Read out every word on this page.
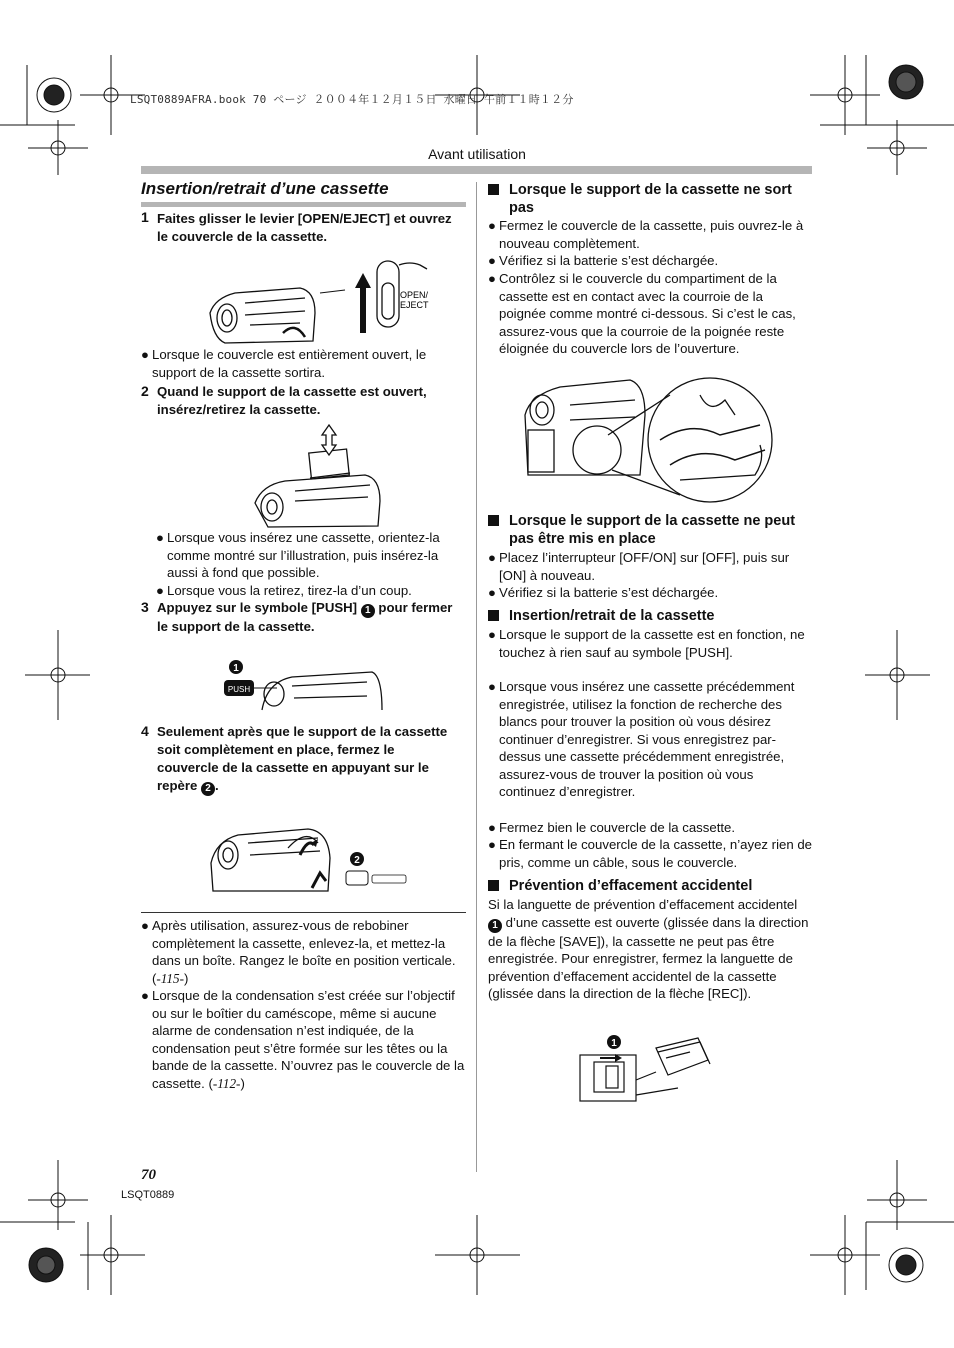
LSQT0889AFRA.book 70 ページ ２００４年１２月１５日 水曜日 午前１１時１２分
Avant utilisation
Insertion/retrait d’une cassette
1 Faites glisser le levier [OPEN/EJECT] et ouvrez le couvercle de la cassette.
OPEN/
EJECT
● Lorsque le couvercle est entièrement ouvert, le support de la cassette sortira.
2 Quand le support de la cassette est ouvert, insérez/retirez la cassette.
● Lorsque vous insérez une cassette, orientez-la comme montré sur l’illustration, puis insérez-la aussi à fond que possible.
● Lorsque vous la retirez, tirez-la d’un coup.
3 Appuyez sur le symbole [PUSH] 1 pour fermer le support de la cassette.
1
PUSH
4 Seulement après que le support de la cassette soit complètement en place, fermez le couvercle de la cassette en appuyant sur le repère 2 .
2
● Après utilisation, assurez-vous de rebobiner complètement la cassette, enlevez-la, et mettez-la dans un boîte. Rangez le boîte en position verticale. (-115-)
● Lorsque de la condensation s’est créée sur l’objectif ou sur le boîtier du caméscope, même si aucune alarme de condensation n’est indiquée, de la condensation peut s’être formée sur les têtes ou la bande de la cassette. N’ouvrez pas le couvercle de la cassette. (-112-)
Lorsque le support de la cassette ne sort pas
● Fermez le couvercle de la cassette, puis ouvrez-le à nouveau complètement.
● Vérifiez si la batterie s’est déchargée.
● Contrôlez si le couvercle du compartiment de la cassette est en contact avec la courroie de la poignée comme montré ci-dessous. Si c’est le cas, assurez-vous que la courroie de la poignée reste éloignée du couvercle lors de l’ouverture.
Lorsque le support de la cassette ne peut pas être mis en place
● Placez l’interrupteur [OFF/ON] sur [OFF], puis sur [ON] à nouveau.
● Vérifiez si la batterie s’est déchargée.
Insertion/retrait de la cassette
● Lorsque le support de la cassette est en fonction, ne touchez à rien sauf au symbole [PUSH].
● Lorsque vous insérez une cassette précédemment enregistrée, utilisez la fonction de recherche des blancs pour trouver la position où vous désirez continuer d’enregistrer. Si vous enregistrez par-dessus une cassette précédemment enregistrée, assurez-vous de trouver la position où vous continuez d’enregistrer.
● Fermez bien le couvercle de la cassette.
● En fermant le couvercle de la cassette, n’ayez rien de pris, comme un câble, sous le couvercle.
Prévention d’effacement accidentel
Si la languette de prévention d’effacement accidentel 1 d’une cassette est ouverte (glissée dans la direction de la flèche [SAVE]), la cassette ne peut pas être enregistrée. Pour enregistrer, fermez la languette de prévention d’effacement accidentel de la cassette (glissée dans la direction de la flèche [REC]).
1
70
LSQT0889
